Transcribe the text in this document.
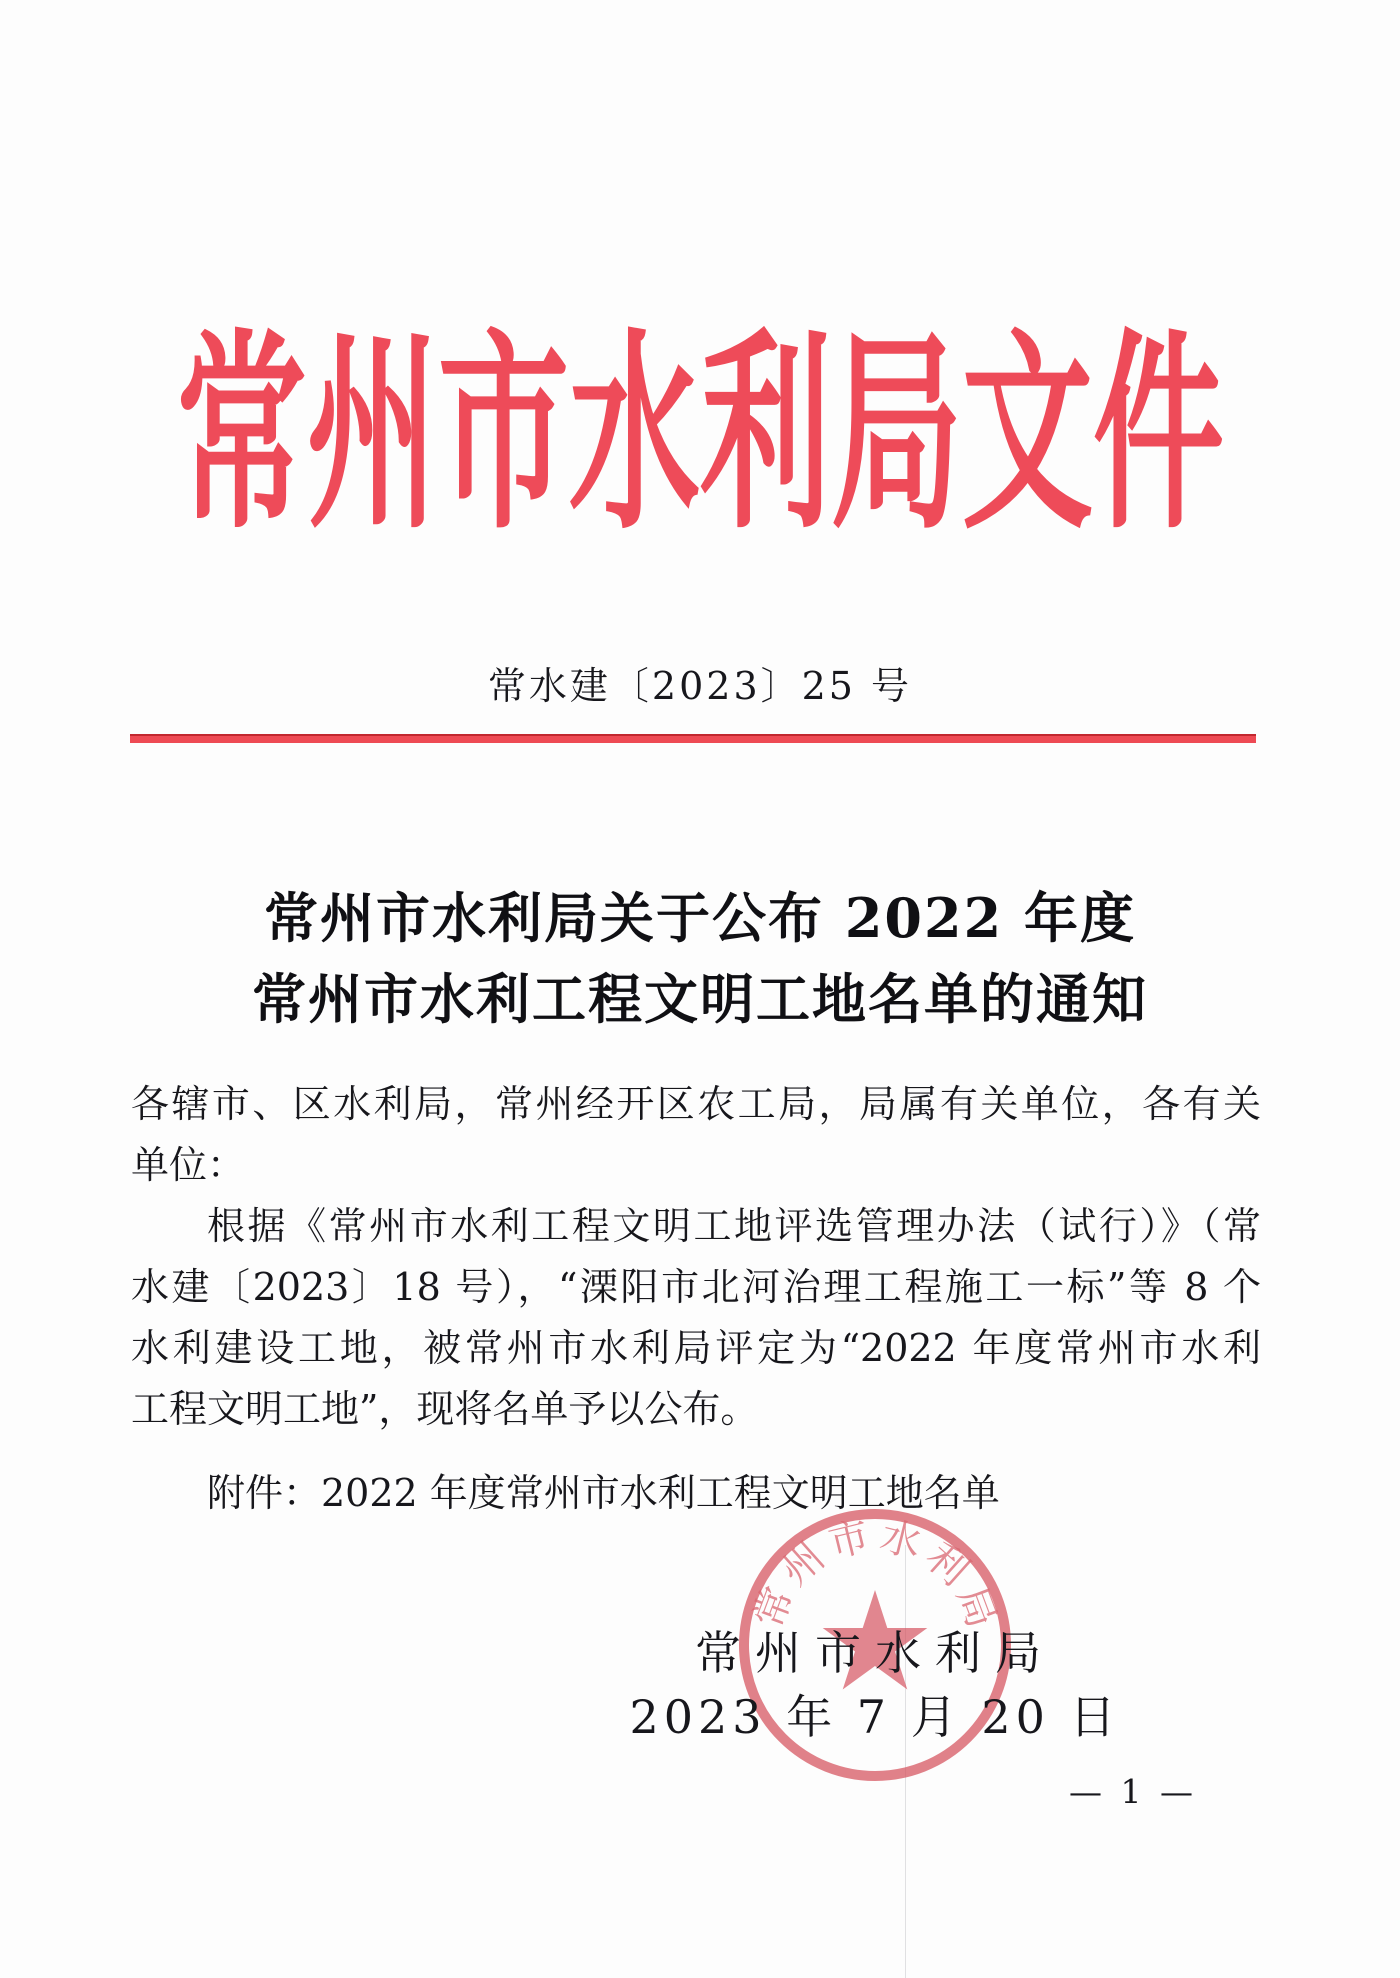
常州市水利局文件
常水建〔2023〕25 号
常州市水利局关于公布 2022 年度
常州市水利工程文明工地名单的通知
各辖市、区水利局，常州经开区农工局，局属有关单位，各有关
单位：
根据《常州市水利工程文明工地评选管理办法（试行）》（常
水建〔2023〕18 号），“溧阳市北河治理工程施工一标”等 8 个
水利建设工地，被常州市水利局评定为“2022 年度常州市水利
工程文明工地”，现将名单予以公布。
附件：2022 年度常州市水利工程文明工地名单
常州市水利局
常州市水利局
2023 年 7 月 20 日
— 1 —
